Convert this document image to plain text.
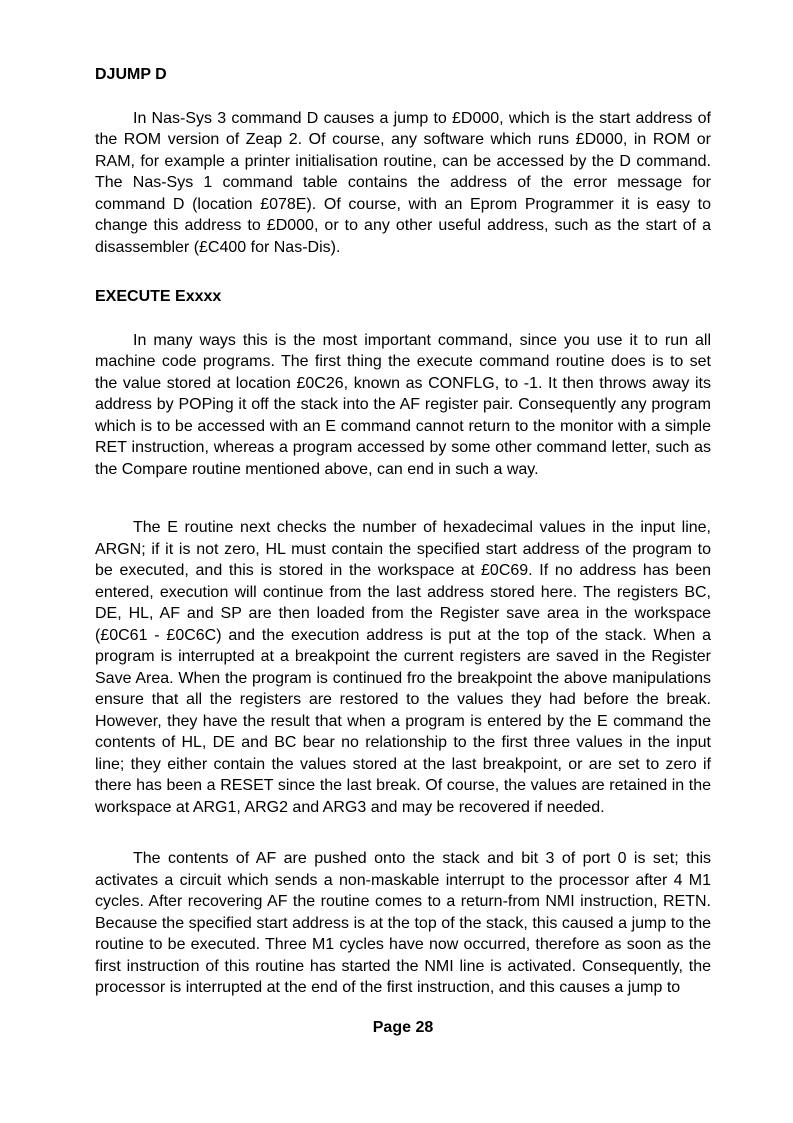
DJUMP D

In Nas-Sys 3 command D causes a jump to £D000, which is the start address of the ROM version of Zeap 2. Of course, any software which runs £D000, in ROM or RAM, for example a printer initialisation routine, can be accessed by the D command. The Nas-Sys 1 command table contains the address of the error message for command D (location £078E). Of course, with an Eprom Programmer it is easy to change this address to £D000, or to any other useful address, such as the start of a disassembler (£C400 for Nas-Dis).

EXECUTE Exxxx

In many ways this is the most important command, since you use it to run all machine code programs. The first thing the execute command routine does is to set the value stored at location £0C26, known as CONFLG, to -1. It then throws away its address by POPing it off the stack into the AF register pair. Consequently any program which is to be accessed with an E command cannot return to the monitor with a simple RET instruction, whereas a program accessed by some other command letter, such as the Compare routine mentioned above, can end in such a way.

The E routine next checks the number of hexadecimal values in the input line, ARGN; if it is not zero, HL must contain the specified start address of the program to be executed, and this is stored in the workspace at £0C69. If no address has been entered, execution will continue from the last address stored here. The registers BC, DE, HL, AF and SP are then loaded from the Register save area in the workspace (£0C61 - £0C6C) and the execution address is put at the top of the stack. When a program is interrupted at a breakpoint the current registers are saved in the Register Save Area. When the program is continued fro the breakpoint the above manipulations ensure that all the registers are restored to the values they had before the break. However, they have the result that when a program is entered by the E command the contents of HL, DE and BC bear no relationship to the first three values in the input line; they either contain the values stored at the last breakpoint, or are set to zero if there has been a RESET since the last break. Of course, the values are retained in the workspace at ARG1, ARG2 and ARG3 and may be recovered if needed.

The contents of AF are pushed onto the stack and bit 3 of port 0 is set; this activates a circuit which sends a non-maskable interrupt to the processor after 4 M1 cycles. After recovering AF the routine comes to a return-from NMI instruction, RETN. Because the specified start address is at the top of the stack, this caused a jump to the routine to be executed. Three M1 cycles have now occurred, therefore as soon as the first instruction of this routine has started the NMI line is activated. Consequently, the processor is interrupted at the end of the first instruction, and this causes a jump to

Page 28
